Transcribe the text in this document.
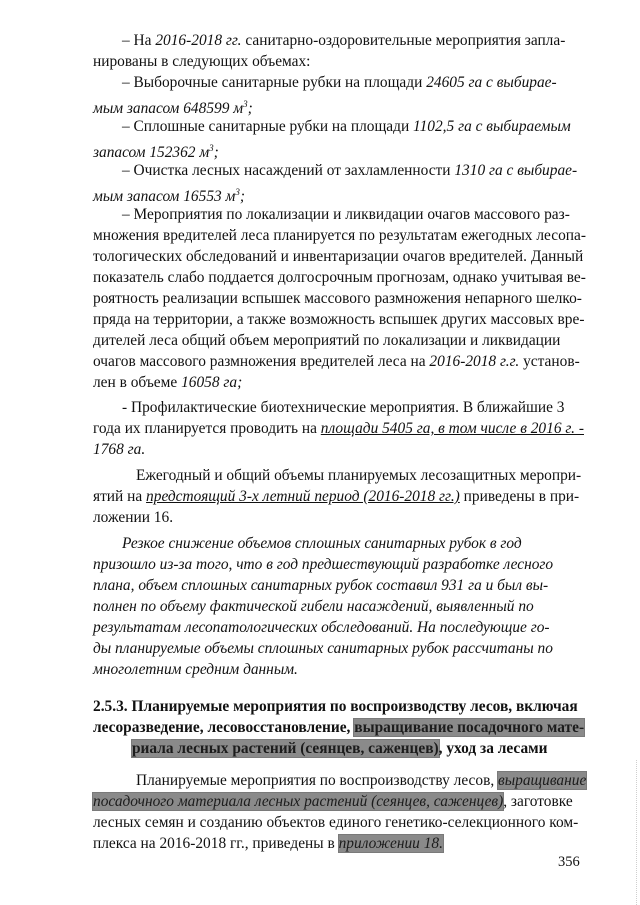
– На 2016-2018 гг. санитарно-оздоровительные мероприятия запла-
нированы в следующих объемах:
– Выборочные санитарные рубки на площади 24605 га с выбирае-
мым запасом 648599 $м^3$;
– Сплошные санитарные рубки на площади 1102,5 га с выбираемым
запасом 152362 $м^3$;
– Очистка лесных насаждений от захламленности 1310 га с выбирае-
мым запасом 16553 $м^3$;
– Мероприятия по локализации и ликвидации очагов массового раз-
множения вредителей леса планируется по результатам ежегодных лесопа-
тологических обследований и инвентаризации очагов вредителей. Данный
показатель слабо поддается долгосрочным прогнозам, однако учитывая ве-
роятность реализации вспышек массового размножения непарного шелко-
пряда на территории, а также возможность вспышек других массовых вре-
дителей леса общий объем мероприятий по локализации и ликвидации
очагов массового размножения вредителей леса на 2016-2018 г.г. установ-
лен в объеме 16058 га;
- Профилактические биотехнические мероприятия. В ближайшие 3
года их планируется проводить на площади 5405 га, в том числе в 2016 г. -
1768 га.
Ежегодный и общий объемы планируемых лесозащитных меропри-
ятий на предстоящий 3-х летний период (2016-2018 гг.) приведены в при-
ложении 16.
Резкое снижение объемов сплошных санитарных рубок в год
призошло из-за того, что в год предшествующий разработке лесного
плана, объем сплошных санитарных рубок составил 931 га и был вы-
полнен по объему фактической гибели насаждений, выявленный по
результатам лесопатологических обследований. На последующие го-
ды планируемые объемы сплошных санитарных рубок рассчитаны по
многолетним средним данным.
2.5.3. Планируемые мероприятия по воспроизводству лесов, включая
лесоразведение, лесовосстановление, выращивание посадочного мате-
риала лесных растений (сеянцев, саженцев), уход за лесами
Планируемые мероприятия по воспроизводству лесов, выращивание
посадочного материала лесных растений (сеянцев, саженцев), заготовке
лесных семян и созданию объектов единого генетико-селекционного ком-
плекса на 2016-2018 гг., приведены в приложении 18.
356
